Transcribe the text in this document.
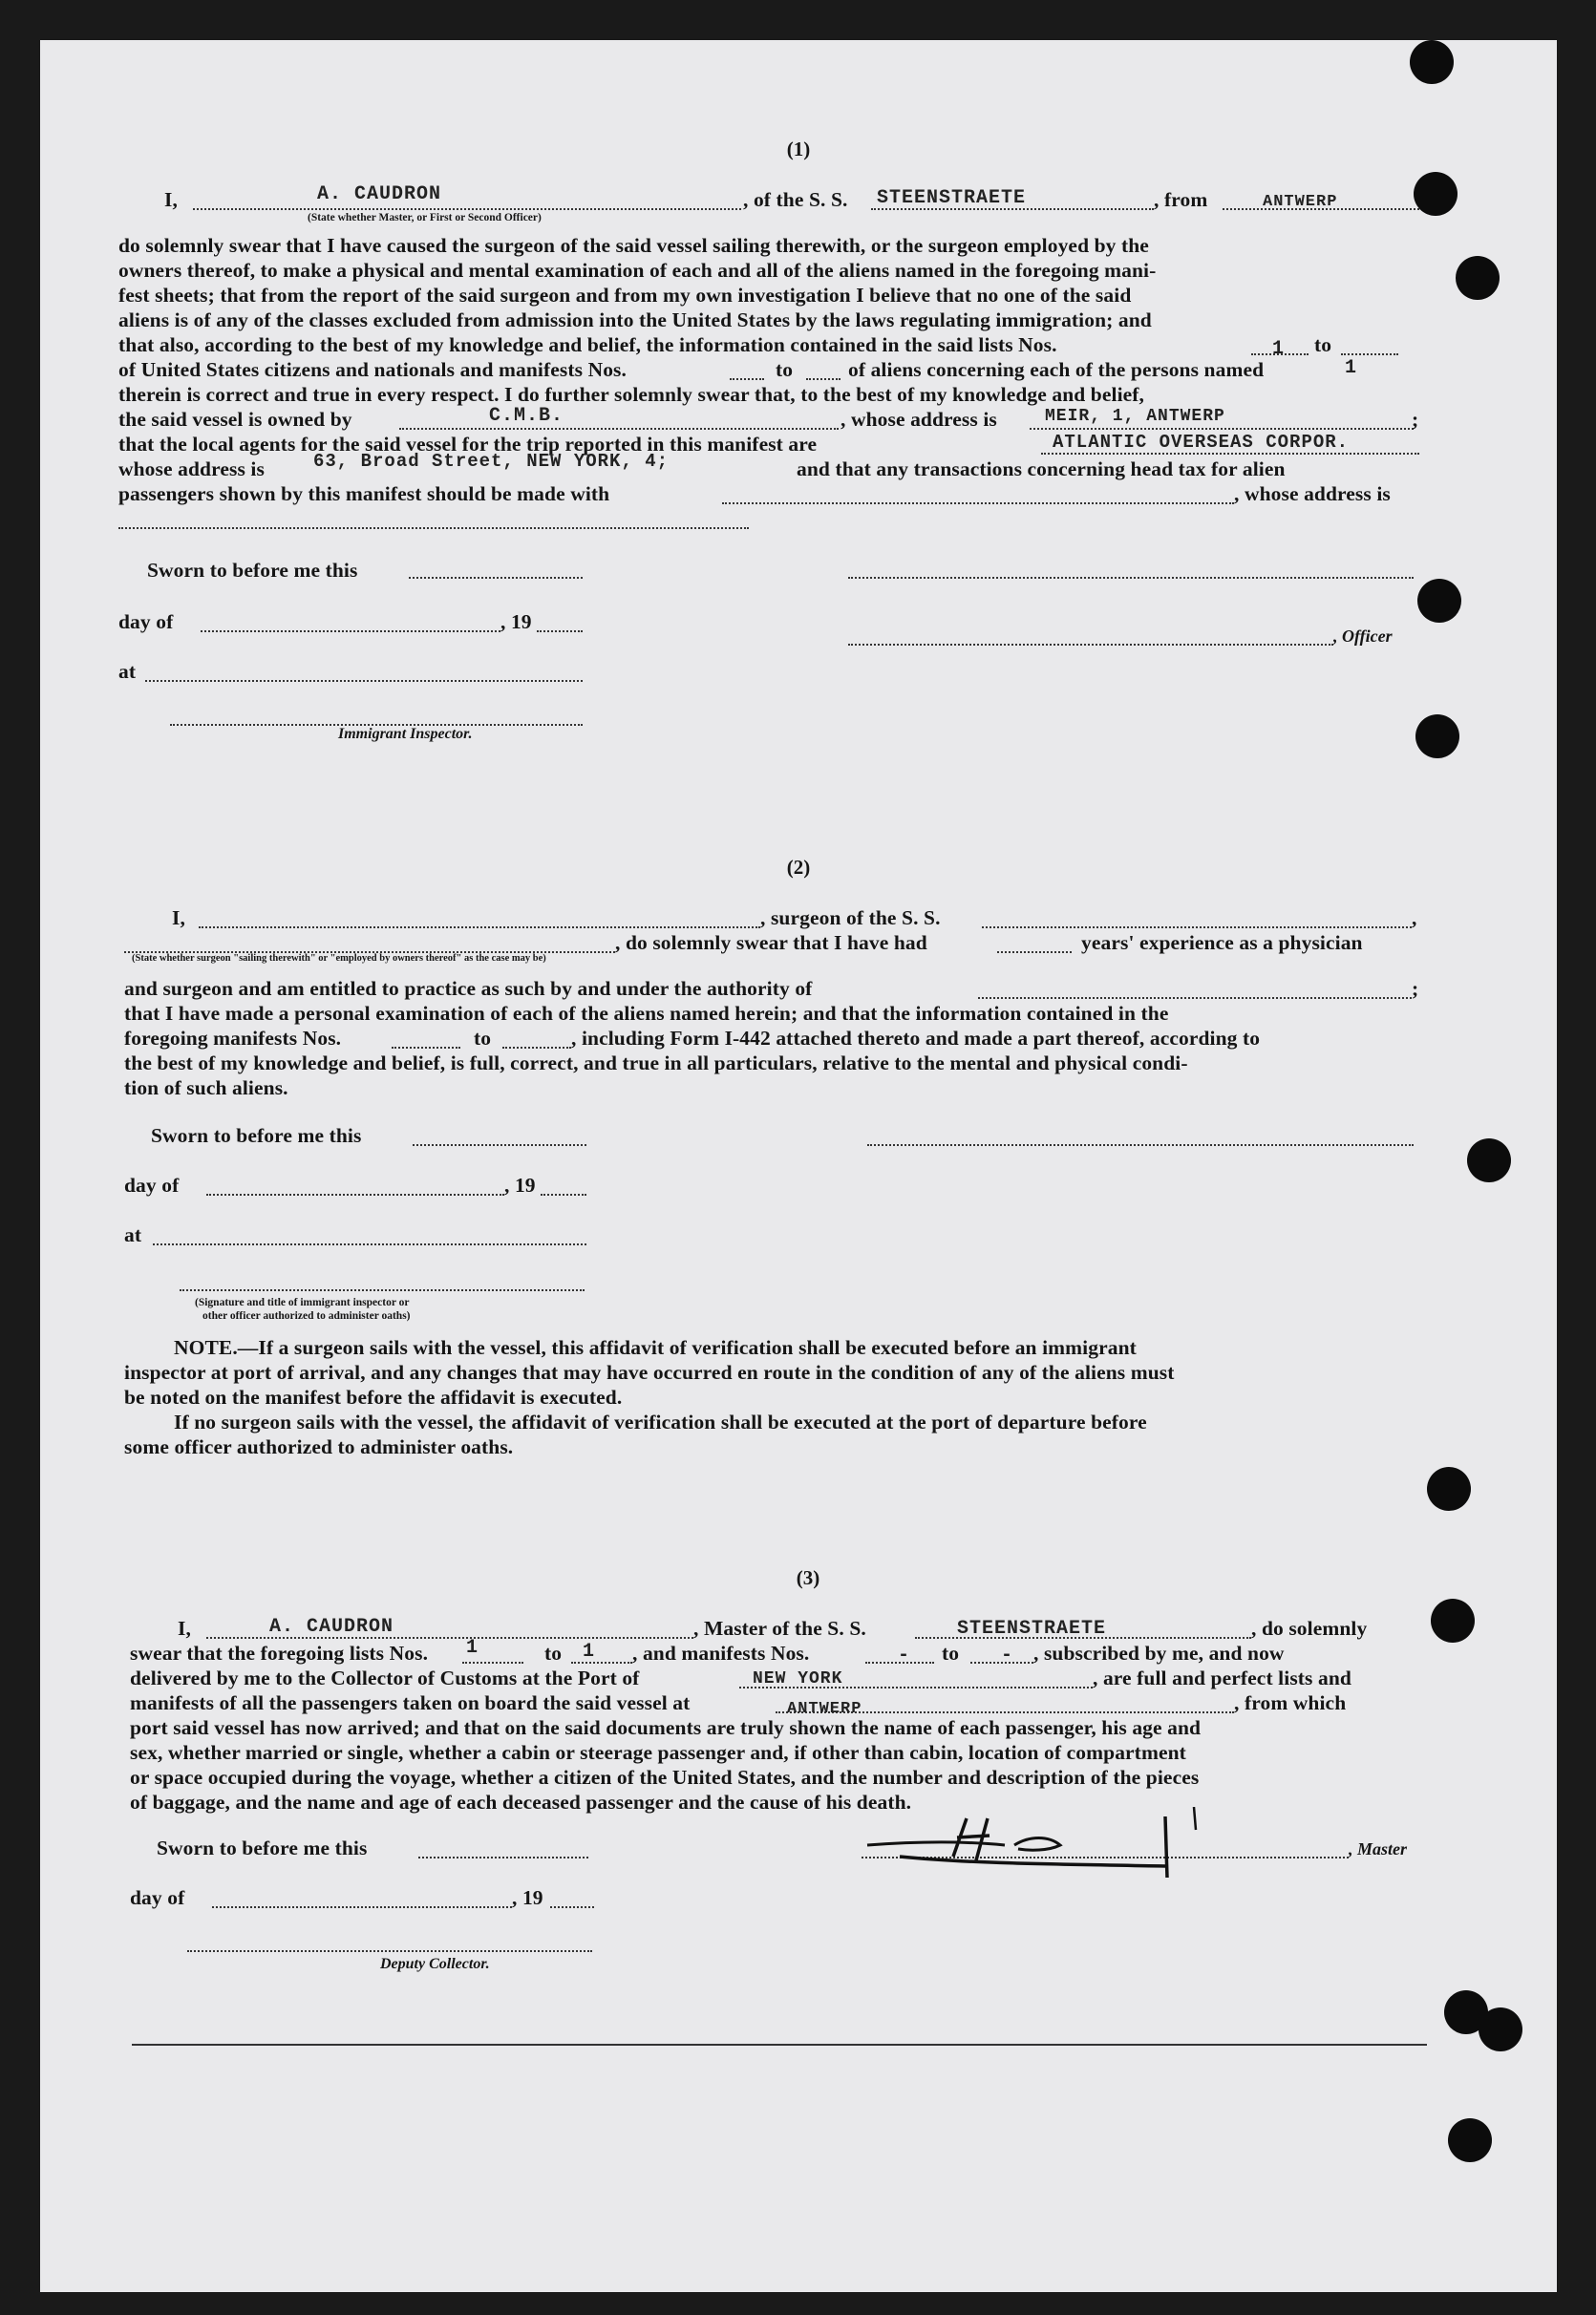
(1)
I,	A. CAUDRON
(State whether Master, or First or Second Officer)
, of the S. S. STEENSTRAETE	, from	ANTWERP
do solemnly swear that I have caused the surgeon of the said vessel sailing therewith, or the surgeon employed by the
owners thereof, to make a physical and mental examination of each and all of the aliens named in the foregoing mani-
fest sheets; that from the report of the said surgeon and from my own investigation I believe that no one of the said
aliens is of any of the classes excluded from admission into the United States by the laws regulating immigration; and
that also, according to the best of my knowledge and belief, the information contained in the said lists Nos.	1 to
1
of United States citizens and nationals and manifests Nos.	to	of aliens concerning each of the persons named
therein is correct and true in every respect. I do further solemnly swear that, to the best of my knowledge and belief,
the said vessel is owned by	C.M.B.	, whose address is	MEIR, 1, ANTWERP	;
that the local agents for the said vessel for the trip reported in this manifest are	ATLANTIC OVERSEAS CORPOR.
whose address is	63, Broad Street, NEW YORK, 4;	and that any transactions concerning head tax for alien
passengers shown by this manifest should be made with	, whose address is
Sworn to before me this
day of	, 19
, Officer
at
Immigrant Inspector.
(2)
I,	, surgeon of the S. S.	,
, do solemnly swear that I have had	years' experience as a physician
(State whether surgeon "sailing therewith" or "employed by owners thereof" as the case may be)
and surgeon and am entitled to practice as such by and under the authority of	;
that I have made a personal examination of each of the aliens named herein; and that the information contained in the
foregoing manifests Nos.	to	, including Form I-442 attached thereto and made a part thereof, according to
the best of my knowledge and belief, is full, correct, and true in all particulars, relative to the mental and physical condi-
tion of such aliens.
Sworn to before me this
day of	, 19
at
(Signature and title of immigrant inspector or
other officer authorized to administer oaths)
NOTE.—If a surgeon sails with the vessel, this affidavit of verification shall be executed before an immigrant
inspector at port of arrival, and any changes that may have occurred en route in the condition of any of the aliens must
be noted on the manifest before the affidavit is executed.
If no surgeon sails with the vessel, the affidavit of verification shall be executed at the port of departure before
some officer authorized to administer oaths.
(3)
I,	A. CAUDRON	, Master of the S. S.	STEENSTRAETE	, do solemnly
swear that the foregoing lists Nos. 1	to 1 , and manifests Nos.	- to - , subscribed by me, and now
delivered by me to the Collector of Customs at the Port of	NEW YORK	, are full and perfect lists and
manifests of all the passengers taken on board the said vessel at	ANTWERP	, from which
port said vessel has now arrived; and that on the said documents are truly shown the name of each passenger, his age and
sex, whether married or single, whether a cabin or steerage passenger and, if other than cabin, location of compartment
or space occupied during the voyage, whether a citizen of the United States, and the number and description of the pieces
of baggage, and the name and age of each deceased passenger and the cause of his death.
Sworn to before me this	, Master
day of	, 19
Deputy Collector.
